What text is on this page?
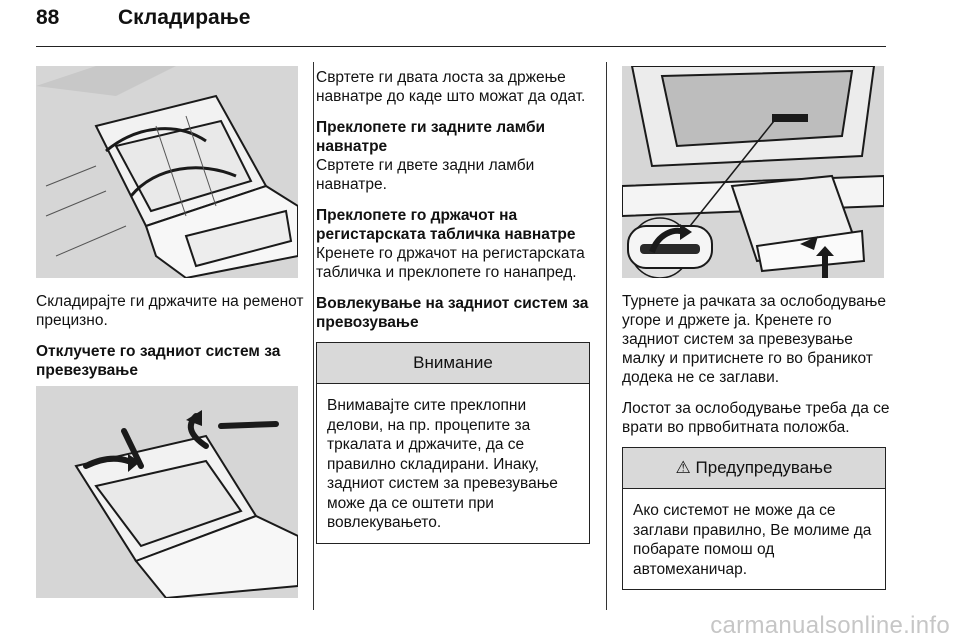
88	Складирање

Складирајте ги држачите на ременот прецизно.

Отклучете го задниот систем за превезување

Свртете ги двата лоста за држење навнатре до каде што можат да одат.

Преклопете ги задните ламби навнатре

Свртете ги двете задни ламби навнатре.

Преклопете го држачот на регистарската табличка навнатре

Кренете го држачот на регистарската табличка и преклопете го нанапред.

Вовлекување на задниот систем за превозување
Внимание
Внимавајте сите преклопни делови, на пр. процепите за тркалата и држачите, да се правилно складирани. Инаку, задниот систем за превезување може да се оштети при вовлекувањето.

Турнете ја рачката за ослободување угоре и држете ја. Кренете го задниот систем за превезување малку и притиснете го во браникот додека не се заглави.

Лостот за ослободување треба да се врати во првобитната положба.

⚠ Предупредување
Ако системот не може да се заглави правилно, Ве молиме да побарате помош од автомеханичар.
carmanualsonline.info
